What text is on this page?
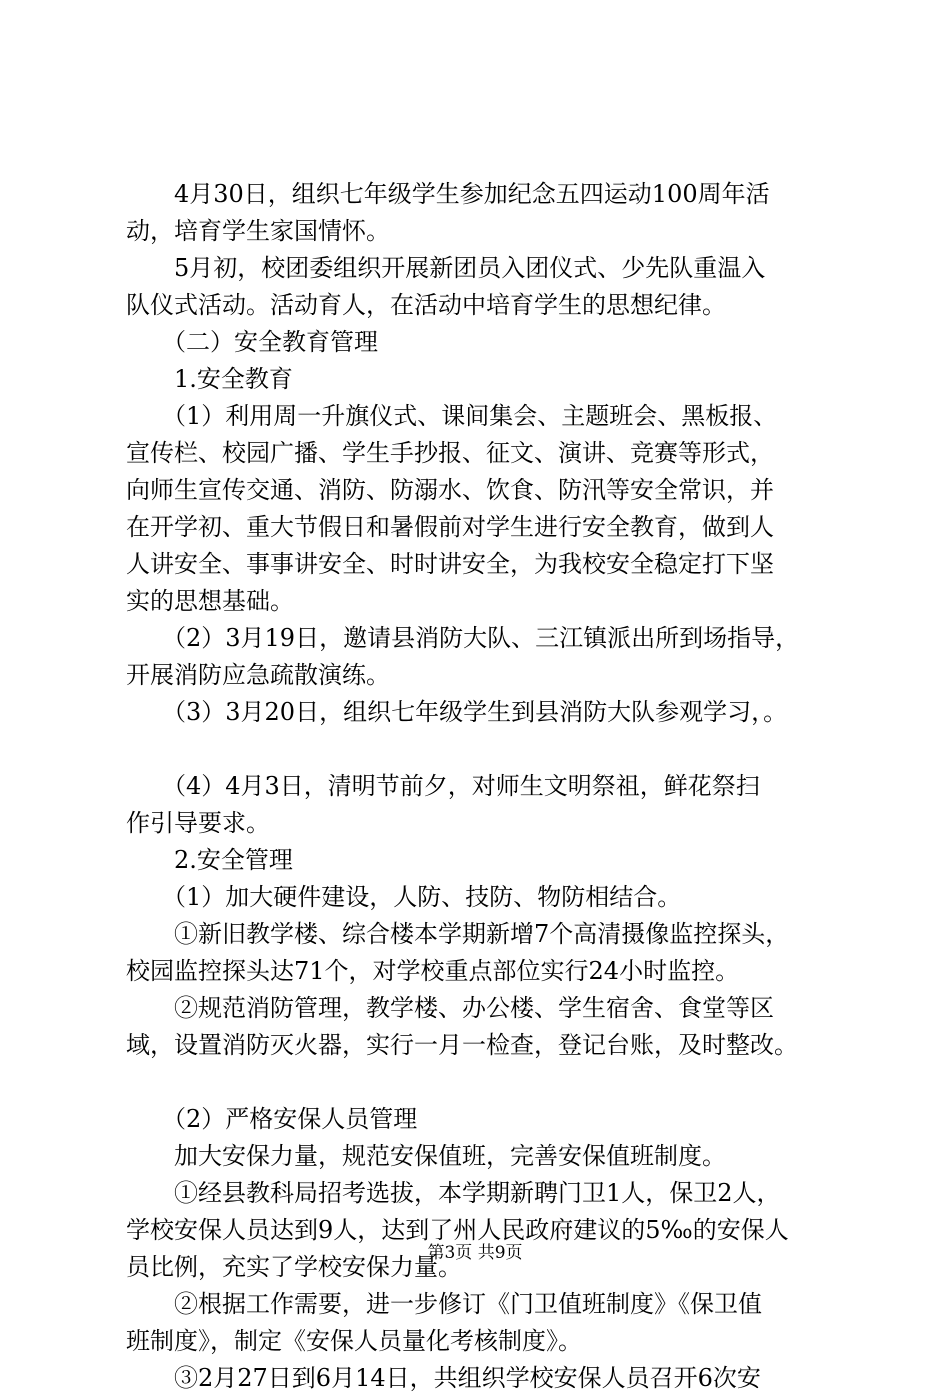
　　4月30日，组织七年级学生参加纪念五四运动100周年活
动，培育学生家国情怀。
　　5月初，校团委组织开展新团员入团仪式、少先队重温入
队仪式活动。活动育人，在活动中培育学生的思想纪律。
　　（二）安全教育管理
　　1.安全教育
　　（1）利用周一升旗仪式、课间集会、主题班会、黑板报、
宣传栏、校园广播、学生手抄报、征文、演讲、竞赛等形式，
向师生宣传交通、消防、防溺水、饮食、防汛等安全常识，并
在开学初、重大节假日和暑假前对学生进行安全教育，做到人
人讲安全、事事讲安全、时时讲安全，为我校安全稳定打下坚
实的思想基础。
　　（2）3月19日，邀请县消防大队、三江镇派出所到场指导，
开展消防应急疏散演练。
　　（3）3月20日，组织七年级学生到县消防大队参观学习，。
　　（4）4月3日，清明节前夕，对师生文明祭祖，鲜花祭扫
作引导要求。
　　2.安全管理
　　（1）加大硬件建设，人防、技防、物防相结合。
　　①新旧教学楼、综合楼本学期新增7个高清摄像监控探头，
校园监控探头达71个，对学校重点部位实行24小时监控。
　　②规范消防管理，教学楼、办公楼、学生宿舍、食堂等区
域，设置消防灭火器，实行一月一检查，登记台账，及时整改。
　　（2）严格安保人员管理
　　加大安保力量，规范安保值班，完善安保值班制度。
　　①经县教科局招考选拔，本学期新聘门卫1人，保卫2人，
学校安保人员达到9人，达到了州人民政府建议的5‰的安保人
员比例，充实了学校安保力量。
　　②根据工作需要，进一步修订《门卫值班制度》《保卫值
班制度》，制定《安保人员量化考核制度》。
　　③2月27日到6月14日，共组织学校安保人员召开6次安
第3页 共9页
